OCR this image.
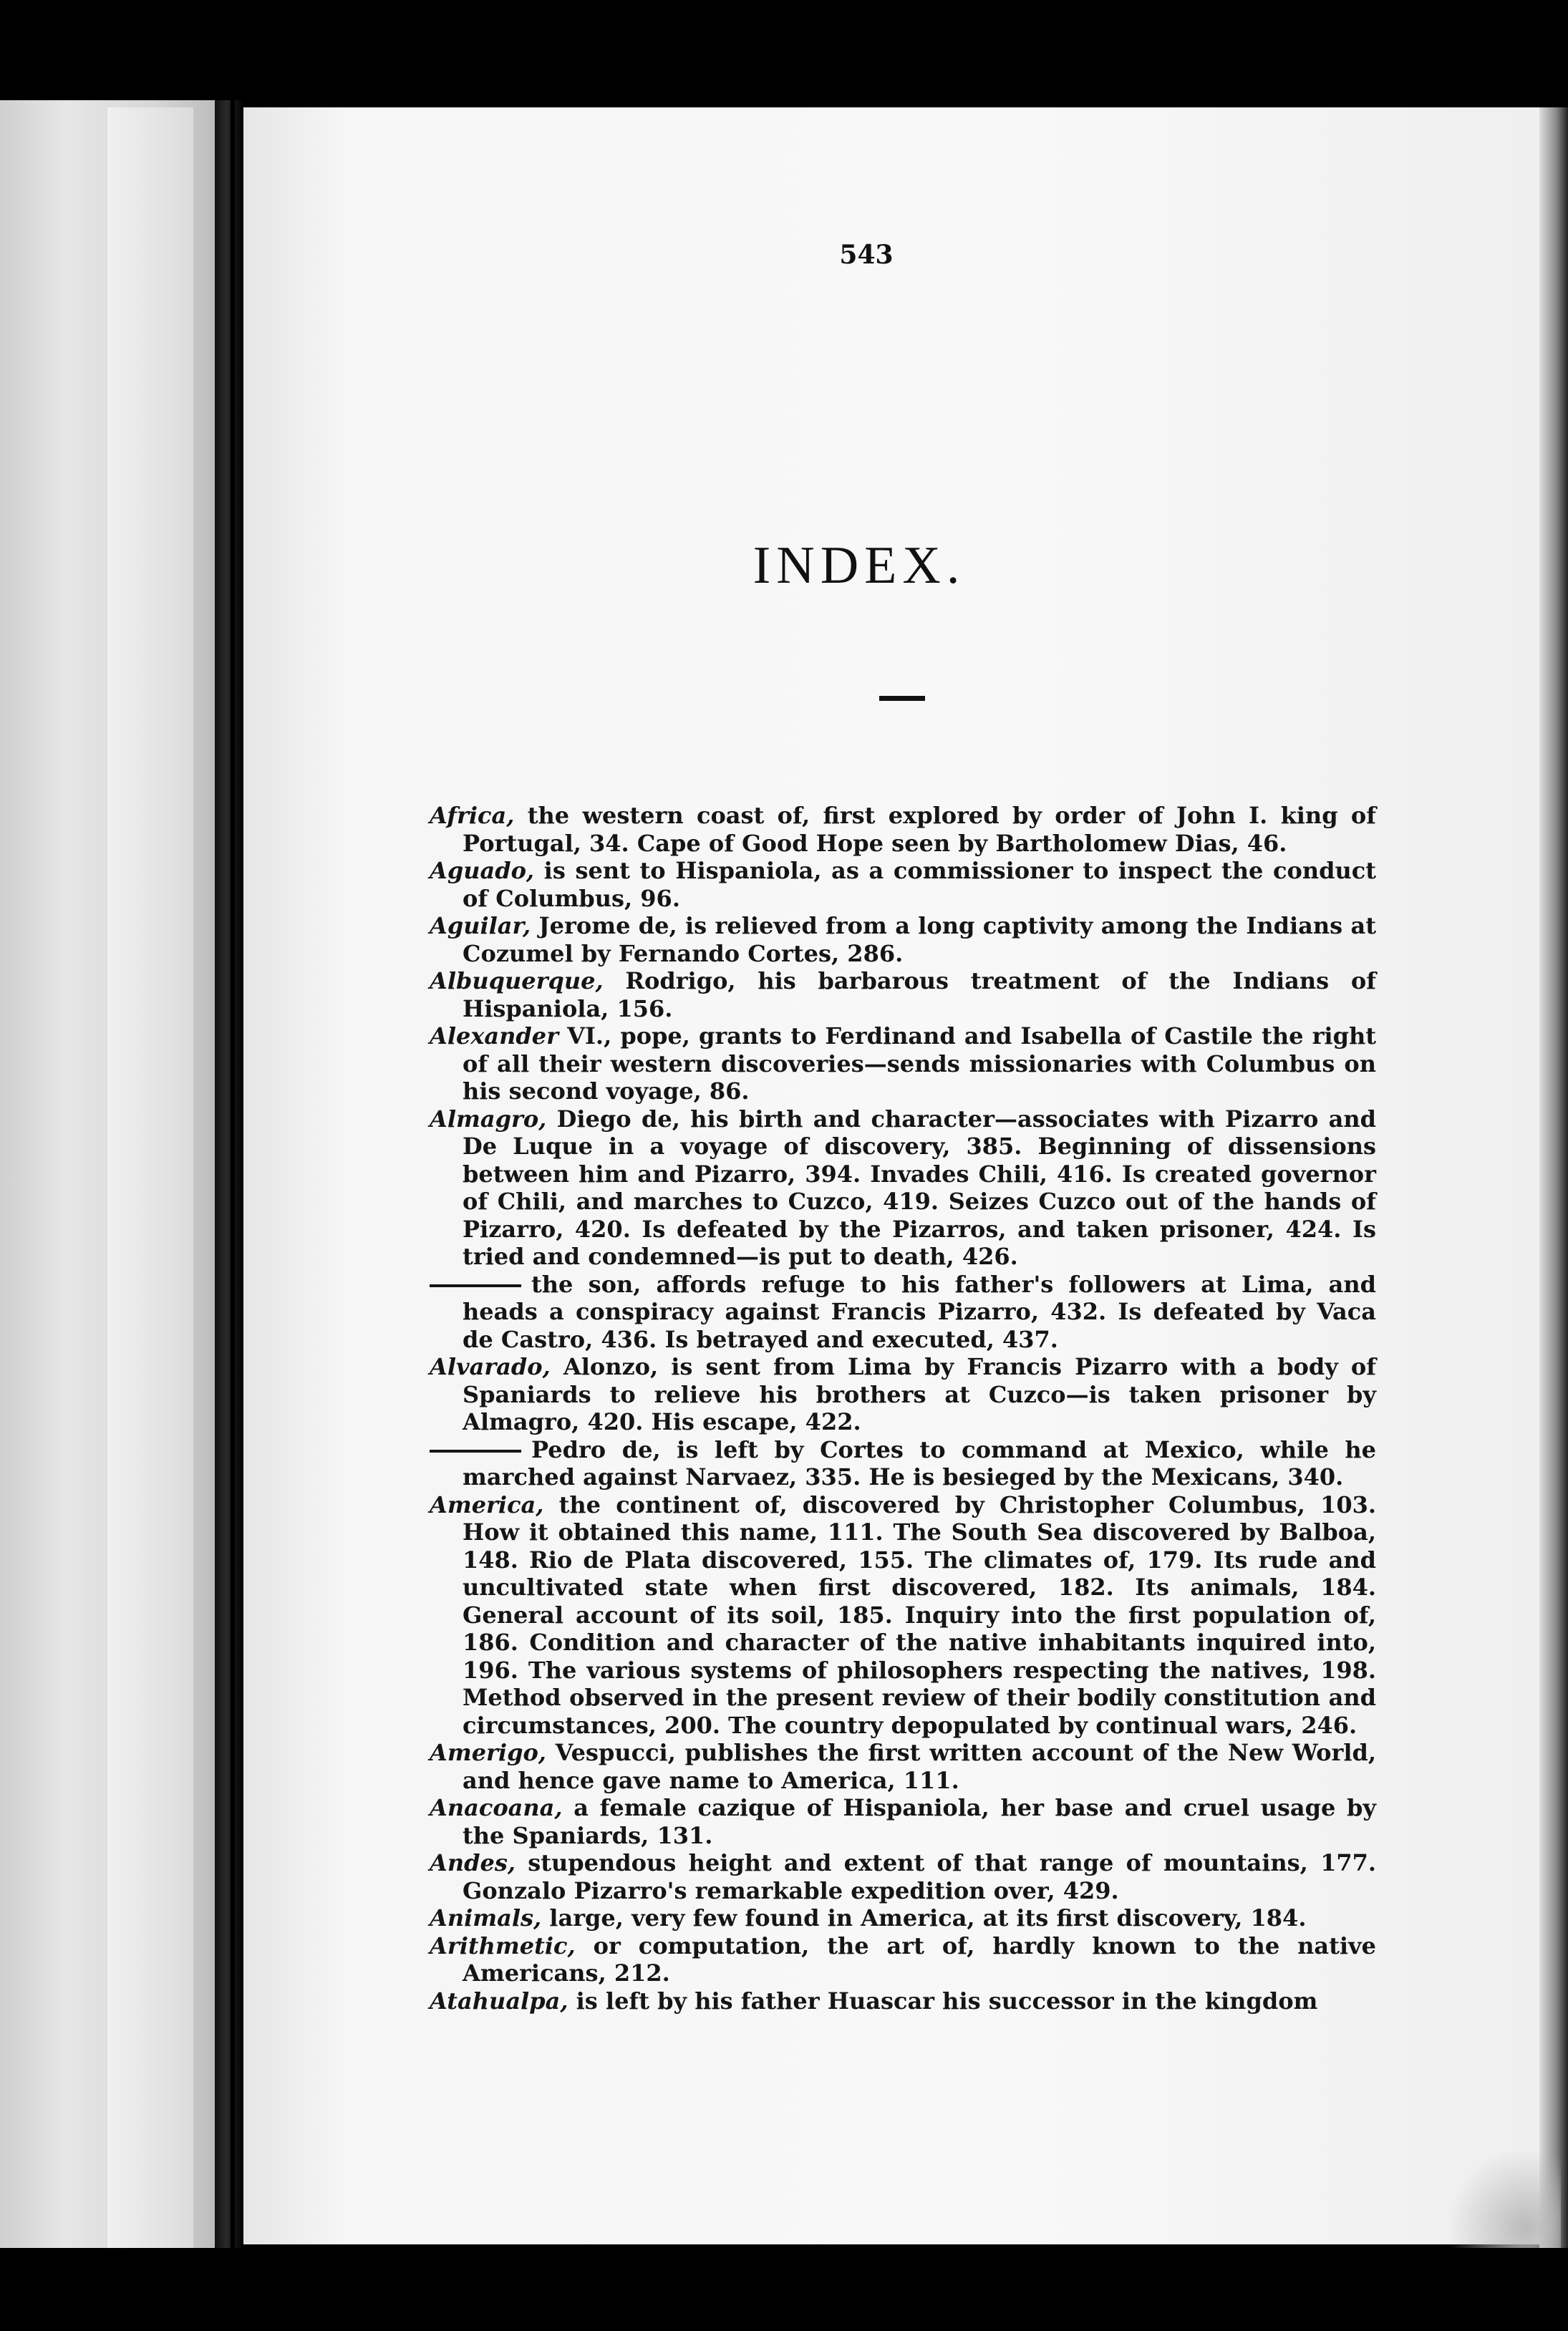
543
INDEX.
Africa, the western coast of, first explored by order of John I. king of Portugal, 34. Cape of Good Hope seen by Bartholomew Dias, 46.
Aguado, is sent to Hispaniola, as a commissioner to inspect the conduct of Columbus, 96.
Aguilar, Jerome de, is relieved from a long captivity among the Indians at Cozumel by Fernando Cortes, 286.
Albuquerque, Rodrigo, his barbarous treatment of the Indians of Hispaniola, 156.
Alexander VI., pope, grants to Ferdinand and Isabella of Castile the right of all their western discoveries—sends missionaries with Columbus on his second voyage, 86.
Almagro, Diego de, his birth and character—associates with Pizarro and De Luque in a voyage of discovery, 385. Beginning of dissensions between him and Pizarro, 394. Invades Chili, 416. Is created governor of Chili, and marches to Cuzco, 419. Seizes Cuzco out of the hands of Pizarro, 420. Is defeated by the Pizarros, and taken prisoner, 424. Is tried and condemned—is put to death, 426.
the son, affords refuge to his father's followers at Lima, and heads a conspiracy against Francis Pizarro, 432. Is defeated by Vaca de Castro, 436. Is betrayed and executed, 437.
Alvarado, Alonzo, is sent from Lima by Francis Pizarro with a body of Spaniards to relieve his brothers at Cuzco—is taken prisoner by Almagro, 420. His escape, 422.
Pedro de, is left by Cortes to command at Mexico, while he marched against Narvaez, 335. He is besieged by the Mexicans, 340.
America, the continent of, discovered by Christopher Columbus, 103. How it obtained this name, 111. The South Sea discovered by Balboa, 148. Rio de Plata discovered, 155. The climates of, 179. Its rude and uncultivated state when first discovered, 182. Its animals, 184. General account of its soil, 185. Inquiry into the first population of, 186. Condition and character of the native inhabitants inquired into, 196. The various systems of philosophers respecting the natives, 198. Method observed in the present review of their bodily constitution and circumstances, 200. The country depopulated by continual wars, 246.
Amerigo, Vespucci, publishes the first written account of the New World, and hence gave name to America, 111.
Anacoana, a female cazique of Hispaniola, her base and cruel usage by the Spaniards, 131.
Andes, stupendous height and extent of that range of mountains, 177. Gonzalo Pizarro's remarkable expedition over, 429.
Animals, large, very few found in America, at its first discovery, 184.
Arithmetic, or computation, the art of, hardly known to the native Americans, 212.
Atahualpa, is left by his father Huascar his successor in the kingdom
